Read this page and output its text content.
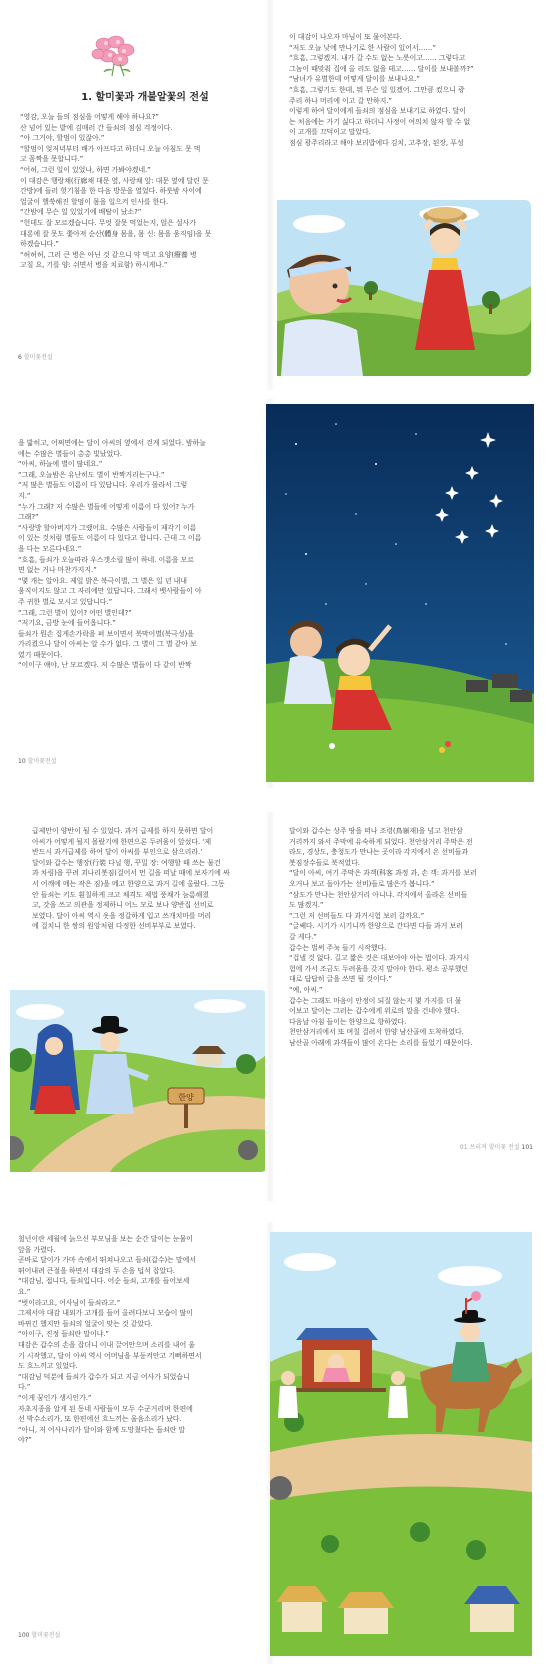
1. 할미꽃과 개불알꽃의 전설

“영감, 오늘 들의 점심을 어떻게 해야 하나요?”

산 넘어 있는 밭에 김매러 간 들쇠의 점심 걱정이다.

“아 그거야, 할멈이 있잖아.”

“할멈이 엊저녁부터 배가 아프다고 하더니 오늘 아침도 못 먹

고 꼼짝을 못합니다.”

“어허, 그런 일이 있었나, 하면 가봐야겠네.”

이 대감은 행랑채(行廊채 대문 옆, 사랑채 앞: 대문 옆에 달린 문

간방)에 들러 헛기침을 한 다음 방문을 열었다. 하룻밤 사이에

얼굴이 핼쑥해진 할멈이 몸을 일으켜 인사를 한다.

“간밤에 무슨 일 있었기에 배탈이 났소?”

“헌데도 잘 모르겠습니다. 무엇 잘못 먹었는지, 얹은 설사가

대롱에 잘 못도 쫓아져 순산(體身 몸을, 몸 신: 몸을 움직임)을 못

하겠습니다.”

“허허허, 그러 큰 병은 아닌 것 같으니 약 먹고 요양(療養 병

고칠 요, 기를 양: 쉬면서 병을 치료함) 하시게나.”

6 할미꽃전설

이 대감이 나오자 마님이 또 물어본다.

“저도 오늘 낮에 만나기로 한 사람이 있어서……”

“흐흠, 그렇겠지. 내가 갈 수도 없는 노릇이고…… 그렇다고

그놈이 때맞춰 집에 올 리도 없을 테고…… 달이를 보내볼까?”

“남녀가 유별한데 어떻게 달이를 보내나요.”

“흐흠, 그렇기도 한데, 뭐 무슨 일 있겠어. 그만큼 컸으니 광

주리 하나 머리에 이고 갈 만하지.”

이렇게 하여 달이에게 들쇠의 점심을 보내기로 하였다. 달이

는 처음에는 가기 싫다고 하더니 사정이 여의치 않자 할 수 없

이 고개를 끄덕이고 말았다.

점심 광주리라고 해야 보리밥에다 김치, 고추장, 된장, 푸성

을 밟히고, 어쩌면에는 달이 아씨의 옆에서 걷게 되었다. 밤하늘

에는 수많은 별들이 총총 빛났었다.

“아씨, 하늘에 별이 많네요.”

“그래, 오늘밤은 유난히도 별이 반짝거리는구나.”

“저 많은 별들도 이름이 다 있답니다. 우리가 몰라서 그렇

지.”

“누가 그래? 저 수많은 별들에 어떻게 이름이 다 있어? 누가

그래?”

“사랑방 할아버지가 그랬어요. 수많은 사람들이 제각기 이름

이 있는 것처럼 별들도 이름이 다 있다고 합니다. 근데 그 이름

을 다는 모른다네요.”

“흐흠, 들쇠가 오늘따라 우스갯소릴 많이 하네. 이름을 모르

면 없는 거나 마찬가지지.”

“몇 개는 알아요. 제일 밝은 북극이별, 그 별은 일 년 내내

움직이지도 않고 그 자리에만 있답니다. 그래서 뱃사람들이 아

주 귀한 별로 모시고 있답니다.”

“그래, 그런 별이 있어? 어떤 별인데?”

“저기요, 금방 눈에 들어옵니다.”

들쇠가 뭔손 집게손가락을 펴 보이면서 북막이별(북극성)을

가리켰으나 달이 아씨는 알 수가 없다. 그 별이 그 별 같아 보

였기 때문이다.

“이이구 얘야, 난 모르겠다. 저 수많은 별들이 다 같이 반짝

10 할미꽃전설

급제만이 양반이 될 수 있었다. 과거 급제를 하지 못하면 달이

아씨가 어떻게 될지 몰랐기에 한편으론 두려움이 앞섰다. ‘제

반드시 과거급제를 하여 달이 아씨를 부인으로 삼으리라.’

달이와 갑수는 행장(行裝 다닐 행, 꾸밀 장: 여행할 때 쓰는 물건

과 차림)을 꾸려 괴나리봇짐(걸어서 먼 길을 떠날 때에 보자기에 싸

서 어깨에 메는 작은 짐)을 메고 한양으로 과거 길에 올랐다. 그동

안 들쇠는 키도 훤칠하게 크고 체격도 제법 풍채가 늠름해졌

고, 갓을 쓰고 의관을 정제하니 어느 모로 보나 양반집 선비로

보였다. 달이 아씨 역시 옷을 정갈하게 입고 쓰개치마를 머리

에 걸치니 한 쌍의 원앙처럼 다정한 선비부부로 보였다.

한양

달이와 갑수는 상주 땅을 떠나 조령(鳥嶺재)을 넘고 천안삼

거리까지 와서 주막에 유숙하게 되었다. 천안삼거리 주막은 전

라도, 경상도, 충청도가 만나는 곳이라 각지에서 온 선비들과

봇짐장수들로 북적였다.

“달이 아씨, 여기 주막은 과객(科客 과정 과, 손 객: 과거를 보러

오거나 보고 돌아가는 선비)들로 많은가 봅니다.”

“삼도가 만나는 천안삼거리 아니냐. 각지에서 올라온 선비들

도 많겠지.”

“그런 저 선비들도 다 과거시험 보러 갈까요.”

“글쎄다. 시기가 시기니까 한양으로 간다면 다들 과거 보러

갈 게다.”

갑수는 벌써 주눅 들기 시작했다.

“겁낼 것 없다. 길고 짧은 것은 대보아야 아는 법이다. 과거시

험에 가서 조금도 두려움을 갖지 말아야 한다. 평소 공부했던

대로 답답히 글을 쓰면 될 것이다.”

“예, 아씨.”

갑수는 그래도 마음이 안정이 되질 않는지 몇 가지를 더 물

어보고 달이는 그러는 갑수에게 위로의 말을 건네야 했다.

다음날 아침 들이는 한양으로 향하였다.

천안삼거리에서 또 며칠 걸려서 한양 남산골에 도착하였다.

남산골 아래에 과객들이 많이 온다는 소리를 들었기 때문이다.

01 쓰러져 할미꽃 전설 101

철넌이란 세월에 늙으신 부모님을 보는 순간 달이는 눈물이

앞을 가렸다.

곧바로 달이가 가마 속에서 뛰쳐나오고 들쇠(갑수)는 말에서

뛰어내려 큰절을 하면서 대감의 두 손을 덥석 잡았다.

“대감님, 접니다, 들쇠입니다. 어순 들쇠, 고개를 들어보세

요.”

“벗이라고요, 어사님이 들쇠라고.”

그제서야 대감 내외가 고개를 들어 올려다보니 모습이 많이

바뀌긴 했지만 들쇠의 얼굴이 맞는 것 같았다.

“아이구, 진정 들쇠란 말이냐.”

대감은 갑수의 손을 잡더니 이내 끌어안으며 소리를 내어 울

기 시작했고, 달이 아씨 역시 어머님을 부둥켜안고 기뻐하면서

도 흐느끼고 있었다.

“대감님 덕분에 들쇠가 갑수가 되고 지금 어사가 되었습니

다.”

“이게 꿈인가 생시인가.”

자초지종을 알게 된 동네 사람들이 모두 수군거리며 한편에

선 박수소리가, 또 한편에선 흐느끼는 울음소리가 났다.

“아니, 저 어사나리가 달이와 함께 도망쳤다는 들쇠란 말

야?”

100 할미꽃전설
